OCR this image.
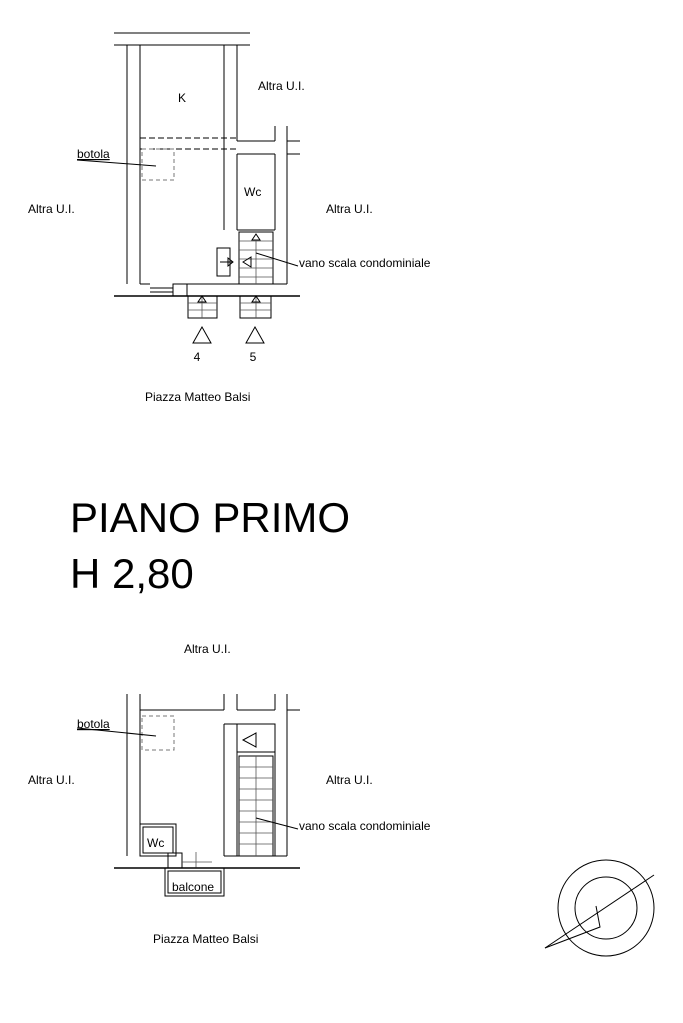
K
Wc
Altra U.I.
Altra U.I.	Altra U.I.
botola
vano scala condominiale
4	5
Piazza Matteo Balsi
PIANO PRIMO
H 2,80
Altra U.I.
Altra U.I.	Altra U.I.
botola
vano scala condominiale
Wc
balcone
Piazza Matteo Balsi
